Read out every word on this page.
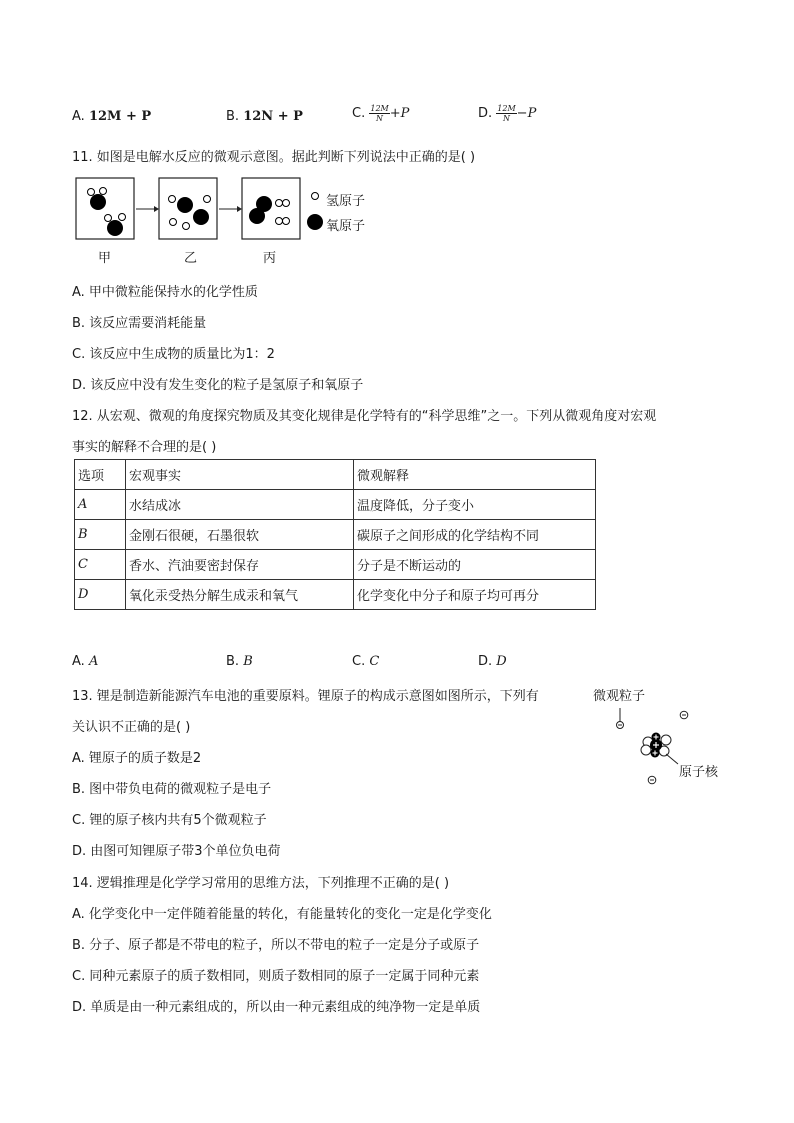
A. 12M + P	B. 12N + P	C. $\frac{12M}{N} +P$	D. $\frac{12M}{N} -P$
11. 如图是电解水反应的微观示意图。据此判断下列说法中正确的是( )
氢原子
氧原子
甲	乙	丙
A. 甲中微粒能保持水的化学性质
B. 该反应需要消耗能量
C. 该反应中生成物的质量比为1：2
D. 该反应中没有发生变化的粒子是氢原子和氧原子
12. 从宏观、微观的角度探究物质及其变化规律是化学特有的“科学思维”之一。下列从微观角度对宏观
事实的解释不合理的是( )
选项	宏观事实	微观解释
A	水结成冰	温度降低，分子变小
B	金刚石很硬，石墨很软	碳原子之间形成的化学结构不同
C	香水、汽油要密封保存	分子是不断运动的
D	氧化汞受热分解生成汞和氧气	化学变化中分子和原子均可再分
A. A	B. B	C. C	D. D
13. 锂是制造新能源汽车电池的重要原料。锂原子的构成示意图如图所示，下列有
关认识不正确的是( )
微观粒子
原子核
A. 锂原子的质子数是2
B. 图中带负电荷的微观粒子是电子
C. 锂的原子核内共有5个微观粒子
D. 由图可知锂原子带3个单位负电荷
14. 逻辑推理是化学学习常用的思维方法，下列推理不正确的是( )
A. 化学变化中一定伴随着能量的转化，有能量转化的变化一定是化学变化
B. 分子、原子都是不带电的粒子，所以不带电的粒子一定是分子或原子
C. 同种元素原子的质子数相同，则质子数相同的原子一定属于同种元素
D. 单质是由一种元素组成的，所以由一种元素组成的纯净物一定是单质
